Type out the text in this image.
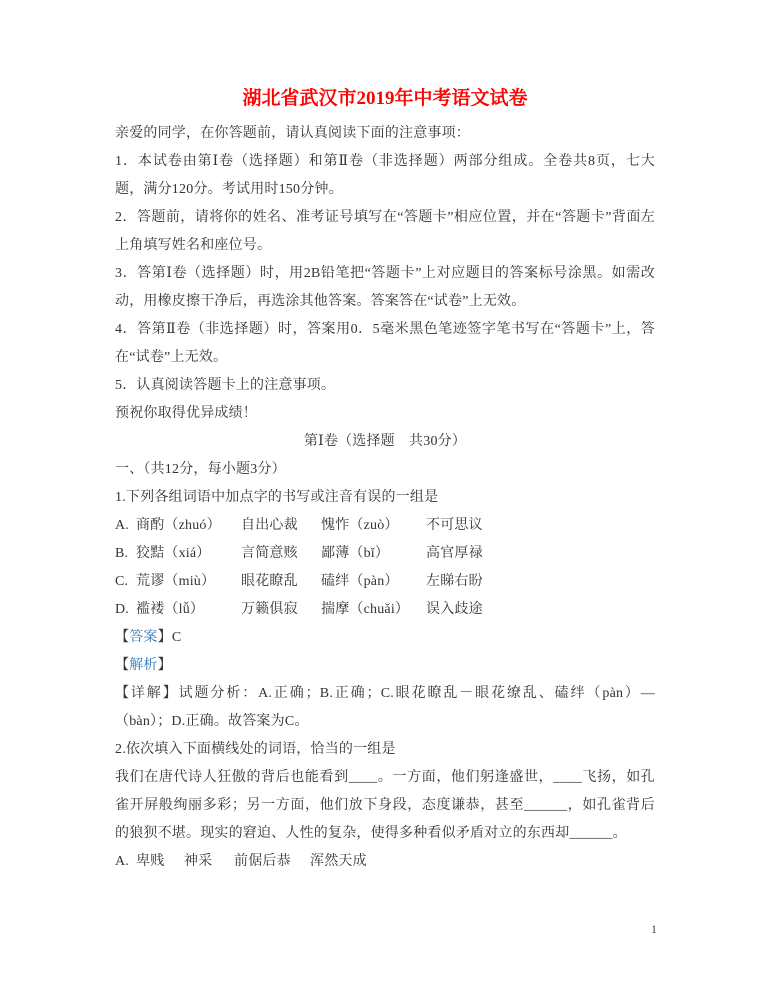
湖北省武汉市2019年中考语文试卷

亲爱的同学，在你答题前，请认真阅读下面的注意事项：

1．本试卷由第Ⅰ卷（选择题）和第Ⅱ卷（非选择题）两部分组成。全卷共8页，七大题，满分120分。考试用时150分钟。

2．答题前，请将你的姓名、准考证号填写在“答题卡”相应位置，并在“答题卡”背面左上角填写姓名和座位号。

3．答第Ⅰ卷（选择题）时，用2B铅笔把“答题卡”上对应题目的答案标号涂黑。如需改动，用橡皮擦干净后，再选涂其他答案。答案答在“试卷”上无效。

4．答第Ⅱ卷（非选择题）时，答案用0．5毫米黑色笔迹签字笔书写在“答题卡”上，答在“试卷”上无效。

5．认真阅读答题卡上的注意事项。

预祝你取得优异成绩！

第Ⅰ卷（选择题　共30分）

一、（共12分，每小题3分）

1.下列各组词语中加点字的书写或注音有误的一组是

A. 商酌（zhuó）	自出心裁	愧怍（zuò）	不可思议
B. 狡黠（xiá）	言简意赅	鄙薄（bǐ）	高官厚禄
C. 荒谬（miù）	眼花瞭乱	磕绊（pàn）	左睇右盼
D. 褴褛（lǚ）	万籁俱寂	揣摩（chuǎi）	误入歧途

【答案】C

【解析】

【详解】试题分析：A.正确；B.正确；C.眼花瞭乱－眼花缭乱、磕绊（pàn）—（bàn）；D.正确。故答案为C。

2.依次填入下面横线处的词语，恰当的一组是

我们在唐代诗人狂傲的背后也能看到____。一方面，他们躬逢盛世，____飞扬，如孔雀开屏般绚丽多彩；另一方面，他们放下身段，态度谦恭，甚至______，如孔雀背后的狼狈不堪。现实的窘迫、人性的复杂，使得多种看似矛盾对立的东西却______。

A. 卑贱	神采	前倨后恭	浑然天成
1
